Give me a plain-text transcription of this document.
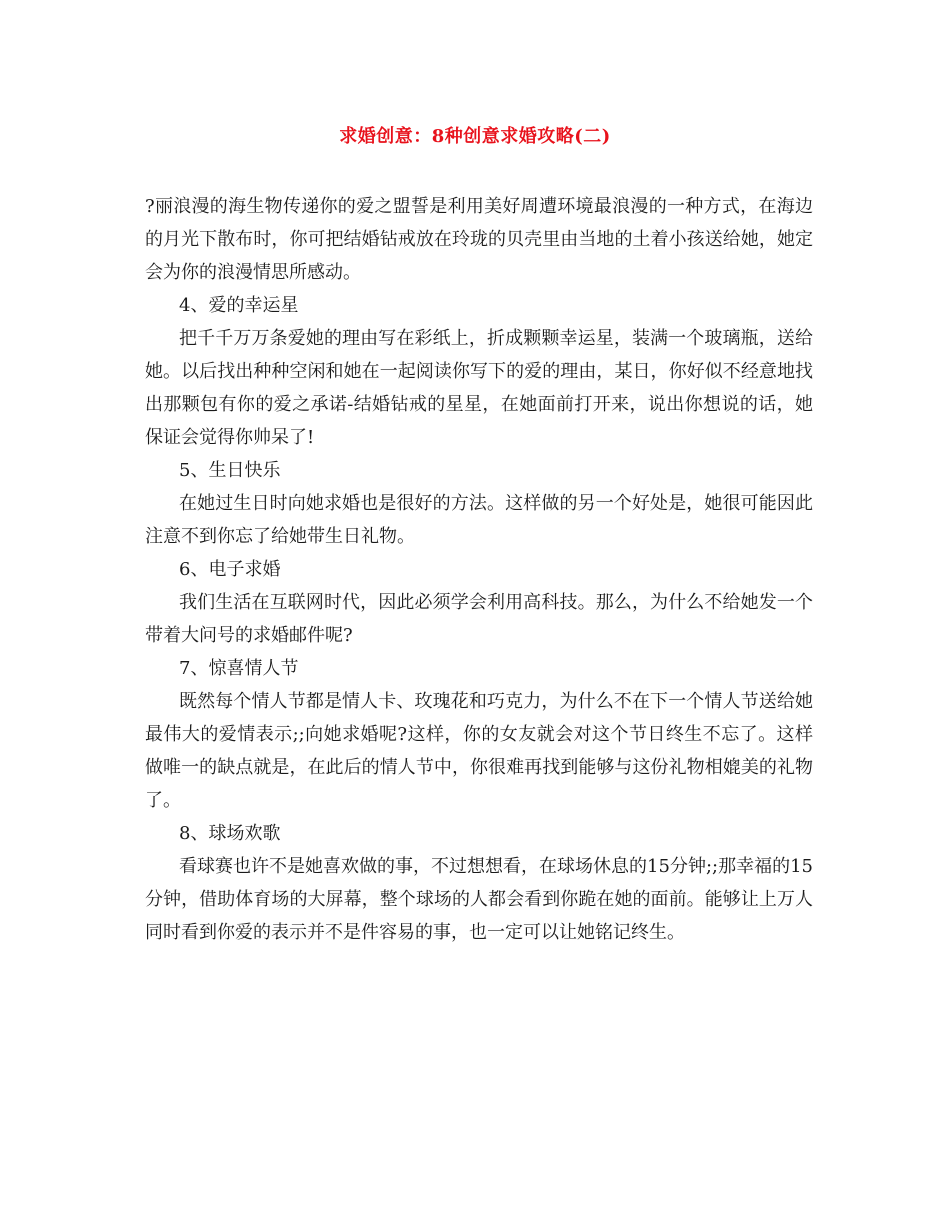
求婚创意：8种创意求婚攻略(二)

?丽浪漫的海生物传递你的爱之盟誓是利用美好周遭环境最浪漫的一种方式，在海边的月光下散布时，你可把结婚钻戒放在玲珑的贝壳里由当地的土着小孩送给她，她定会为你的浪漫情思所感动。

4、爱的幸运星

把千千万万条爱她的理由写在彩纸上，折成颗颗幸运星，装满一个玻璃瓶，送给她。以后找出种种空闲和她在一起阅读你写下的爱的理由，某日，你好似不经意地找出那颗包有你的爱之承诺-结婚钻戒的星星，在她面前打开来，说出你想说的话，她保证会觉得你帅呆了!

5、生日快乐

在她过生日时向她求婚也是很好的方法。这样做的另一个好处是，她很可能因此注意不到你忘了给她带生日礼物。

6、电子求婚

我们生活在互联网时代，因此必须学会利用高科技。那么，为什么不给她发一个带着大问号的求婚邮件呢?

7、惊喜情人节

既然每个情人节都是情人卡、玫瑰花和巧克力，为什么不在下一个情人节送给她最伟大的爱情表示;;向她求婚呢?这样，你的女友就会对这个节日终生不忘了。这样做唯一的缺点就是，在此后的情人节中，你很难再找到能够与这份礼物相媲美的礼物了。

8、球场欢歌

看球赛也许不是她喜欢做的事，不过想想看，在球场休息的15分钟;;那幸福的15分钟，借助体育场的大屏幕，整个球场的人都会看到你跪在她的面前。能够让上万人同时看到你爱的表示并不是件容易的事，也一定可以让她铭记终生。
